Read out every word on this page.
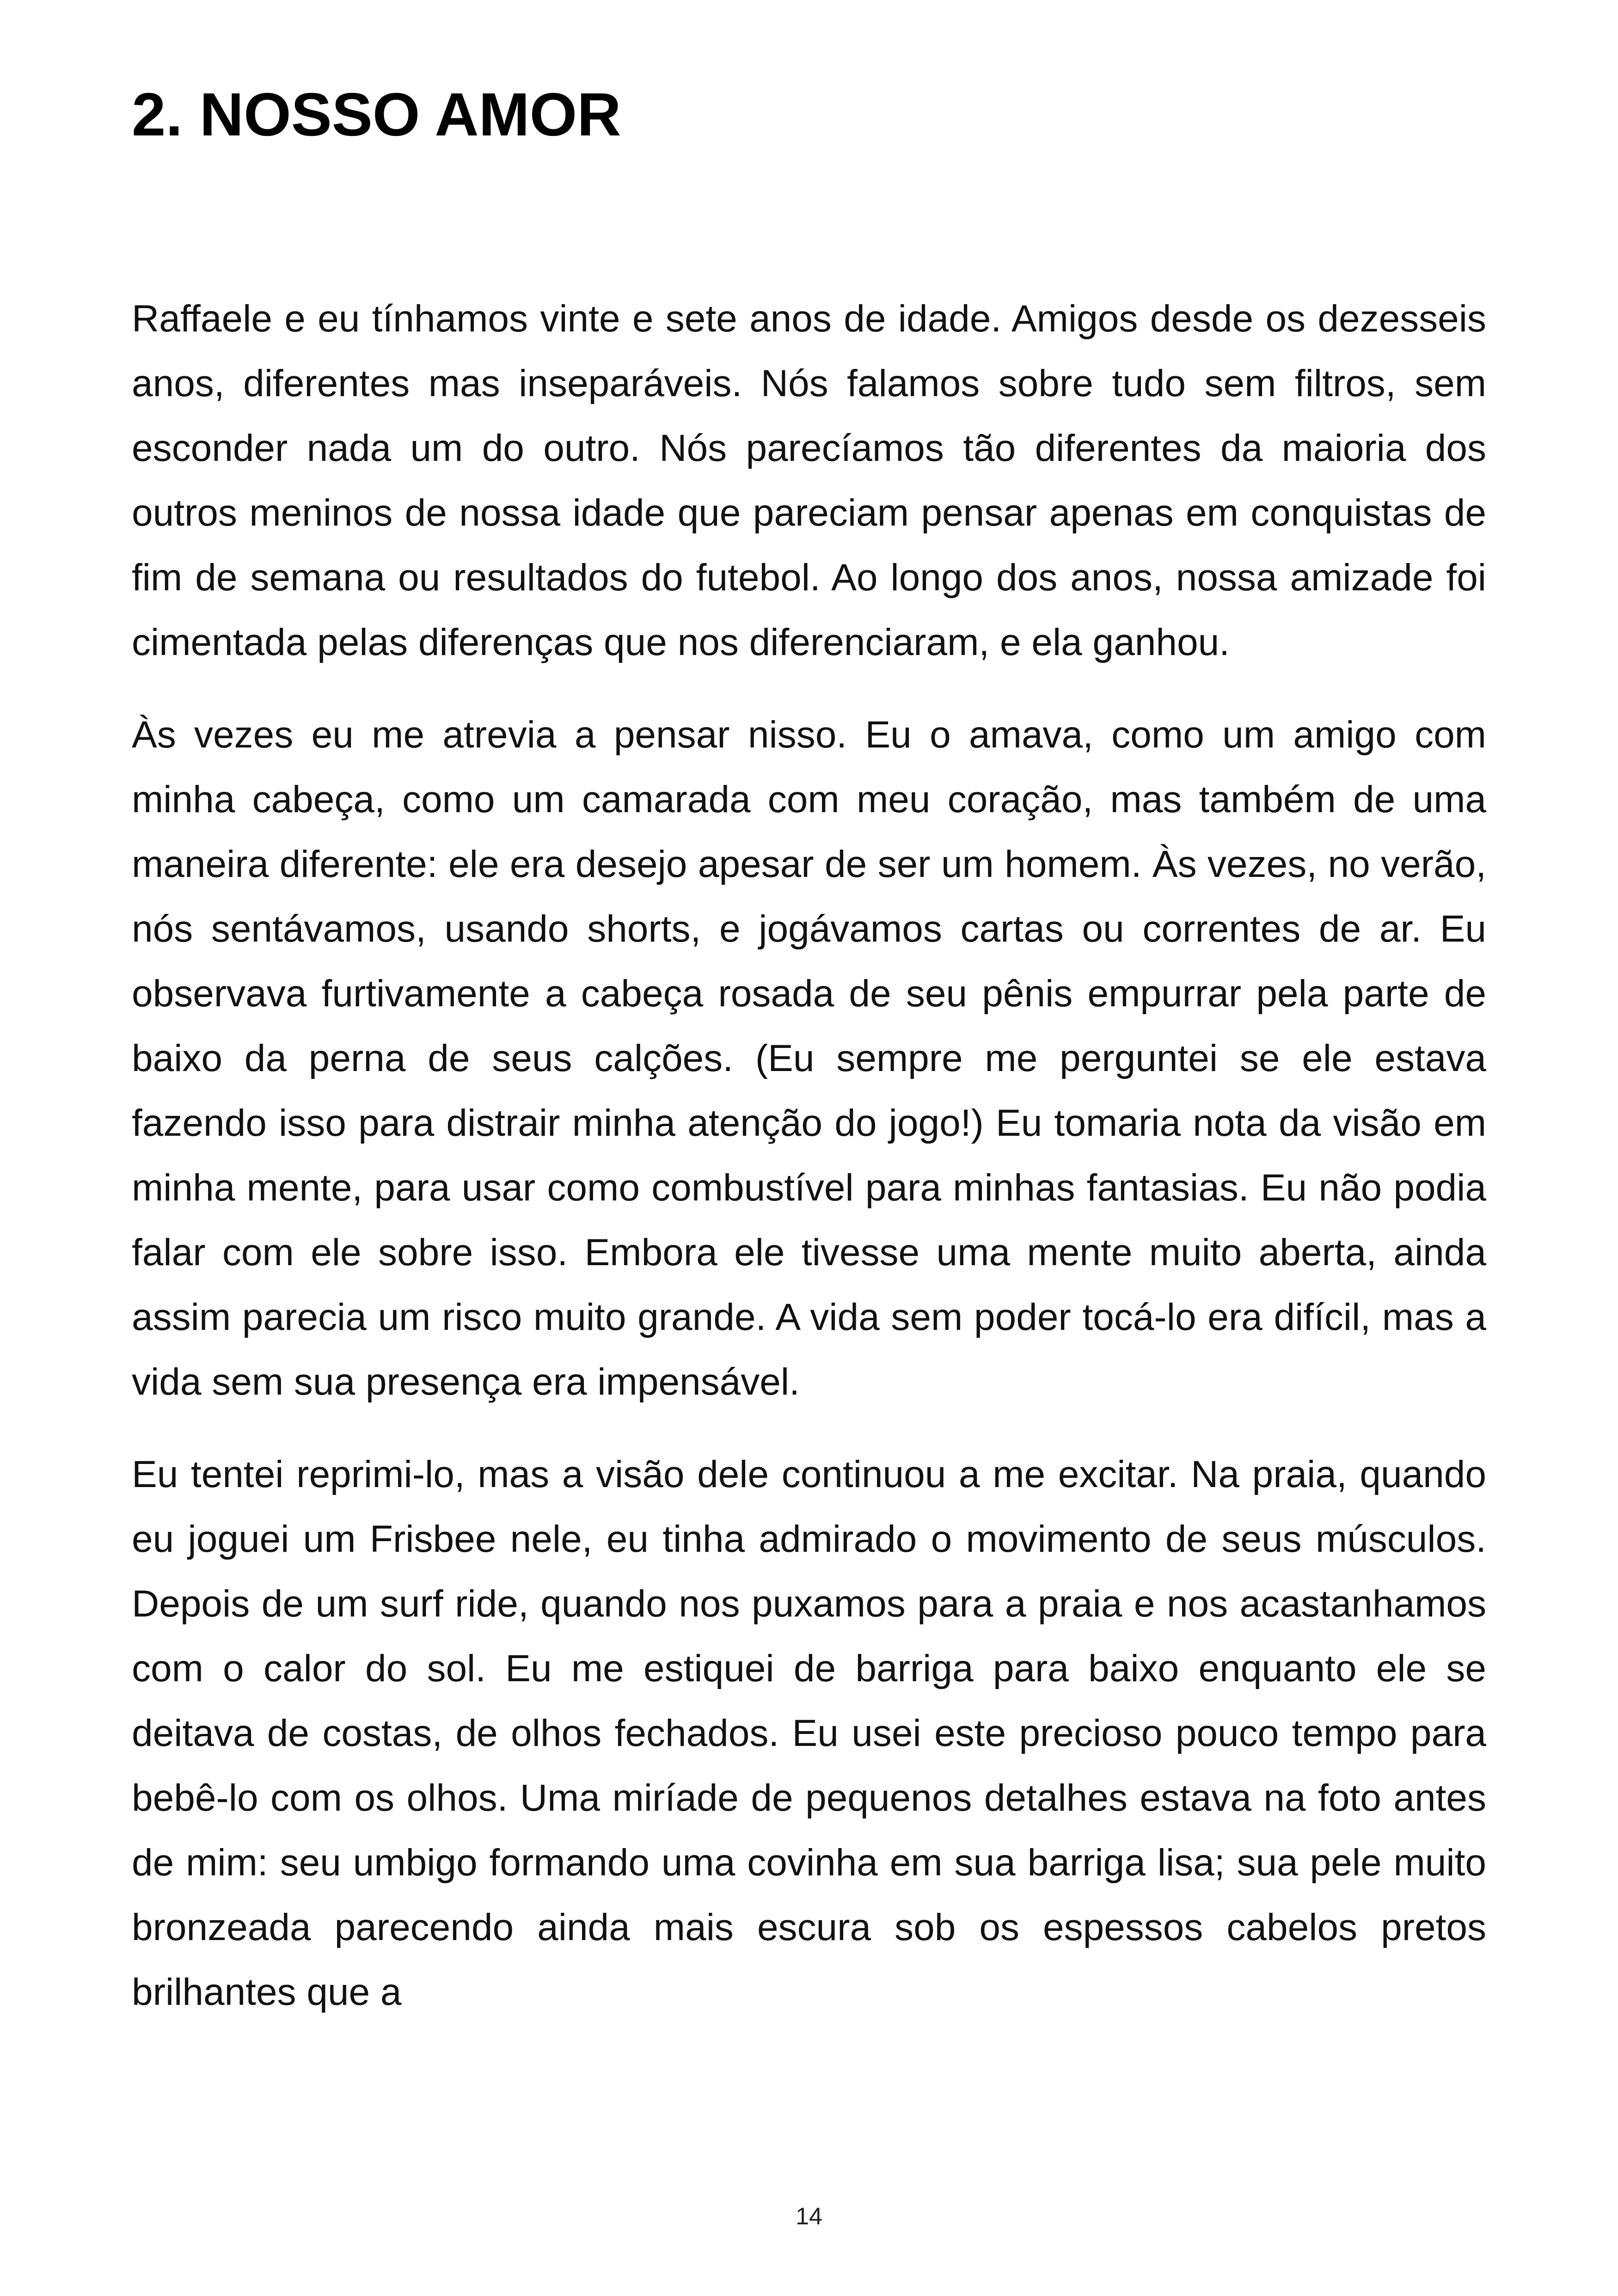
2. NOSSO AMOR

Raffaele e eu tínhamos vinte e sete anos de idade. Amigos desde os dezesseis anos, diferentes mas inseparáveis. Nós falamos sobre tudo sem filtros, sem esconder nada um do outro. Nós parecíamos tão diferentes da maioria dos outros meninos de nossa idade que pareciam pensar apenas em conquistas de fim de semana ou resultados do futebol. Ao longo dos anos, nossa amizade foi cimentada pelas diferenças que nos diferenciaram, e ela ganhou.

Às vezes eu me atrevia a pensar nisso. Eu o amava, como um amigo com minha cabeça, como um camarada com meu coração, mas também de uma maneira diferente: ele era desejo apesar de ser um homem. Às vezes, no verão, nós sentávamos, usando shorts, e jogávamos cartas ou correntes de ar. Eu observava furtivamente a cabeça rosada de seu pênis empurrar pela parte de baixo da perna de seus calções. (Eu sempre me perguntei se ele estava fazendo isso para distrair minha atenção do jogo!) Eu tomaria nota da visão em minha mente, para usar como combustível para minhas fantasias. Eu não podia falar com ele sobre isso. Embora ele tivesse uma mente muito aberta, ainda assim parecia um risco muito grande. A vida sem poder tocá-lo era difícil, mas a vida sem sua presença era impensável.

Eu tentei reprimi-lo, mas a visão dele continuou a me excitar. Na praia, quando eu joguei um Frisbee nele, eu tinha admirado o movimento de seus músculos. Depois de um surf ride, quando nos puxamos para a praia e nos acastanhamos com o calor do sol. Eu me estiquei de barriga para baixo enquanto ele se deitava de costas, de olhos fechados. Eu usei este precioso pouco tempo para bebê-lo com os olhos. Uma miríade de pequenos detalhes estava na foto antes de mim: seu umbigo formando uma covinha em sua barriga lisa; sua pele muito bronzeada parecendo ainda mais escura sob os espessos cabelos pretos brilhantes que a

14
